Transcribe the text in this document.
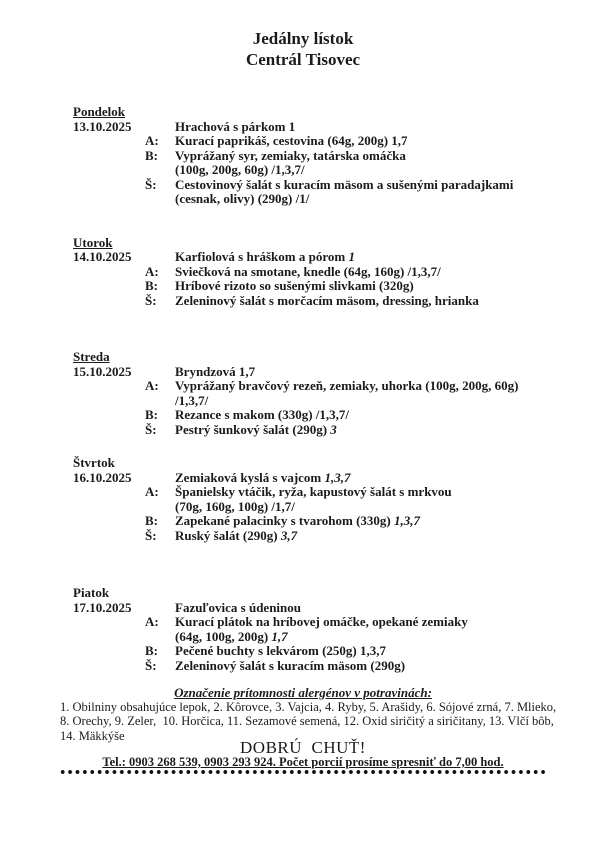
Jedálny lístok
Centrál Tisovec
Pondelok
13.10.2025	Hrachová s párkom 1
A: Kurací paprikáš, cestovina (64g, 200g) 1,7
B: Vyprážaný syr, zemiaky, tatárska omáčka
(100g, 200g, 60g) /1,3,7/
Š: Cestovinový šalát s kuracím mäsom a sušenými paradajkami
(cesnak, olivy) (290g) /1/
Utorok
14.10.2025	Karfiolová s hráškom a pórom 1
A: Sviečková na smotane, knedle (64g, 160g) /1,3,7/
B: Hríbové rizoto so sušenými slivkami (320g)
Š: Zeleninový šalát s morčacím mäsom, dressing, hrianka
Streda
15.10.2025	Bryndzová 1,7
A: Vyprážaný bravčový rezeň, zemiaky, uhorka (100g, 200g, 60g)
/1,3,7/
B: Rezance s makom (330g) /1,3,7/
Š: Pestrý šunkový šalát (290g) 3
Štvrtok
16.10.2025	Zemiaková kyslá s vajcom 1,3,7
A: Španielsky vtáčik, ryža, kapustový šalát s mrkvou
(70g, 160g, 100g) /1,7/
B: Zapekané palacinky s tvarohom (330g) 1,3,7
Š: Ruský šalát (290g) 3,7
Piatok
17.10.2025	Fazuľovica s údeninou
A: Kurací plátok na hríbovej omáčke, opekané zemiaky
(64g, 100g, 200g) 1,7
B: Pečené buchty s lekvárom (250g) 1,3,7
Š: Zeleninový šalát s kuracím mäsom (290g)
Označenie prítomnosti alergénov v potravinách:
1. Obilniny obsahujúce lepok, 2. Kôrovce, 3. Vajcia, 4. Ryby, 5. Arašidy, 6. Sójové zrná, 7. Mlieko,
8. Orechy, 9. Zeler,  10. Horčica, 11. Sezamové semená, 12. Oxid siričitý a siričitany, 13. Vlčí bôb,
14. Mäkkýše
DOBRÚ  CHUŤ!
Tel.: 0903 268 539, 0903 293 924. Počet porcií prosíme spresniť do 7,00 hod.
